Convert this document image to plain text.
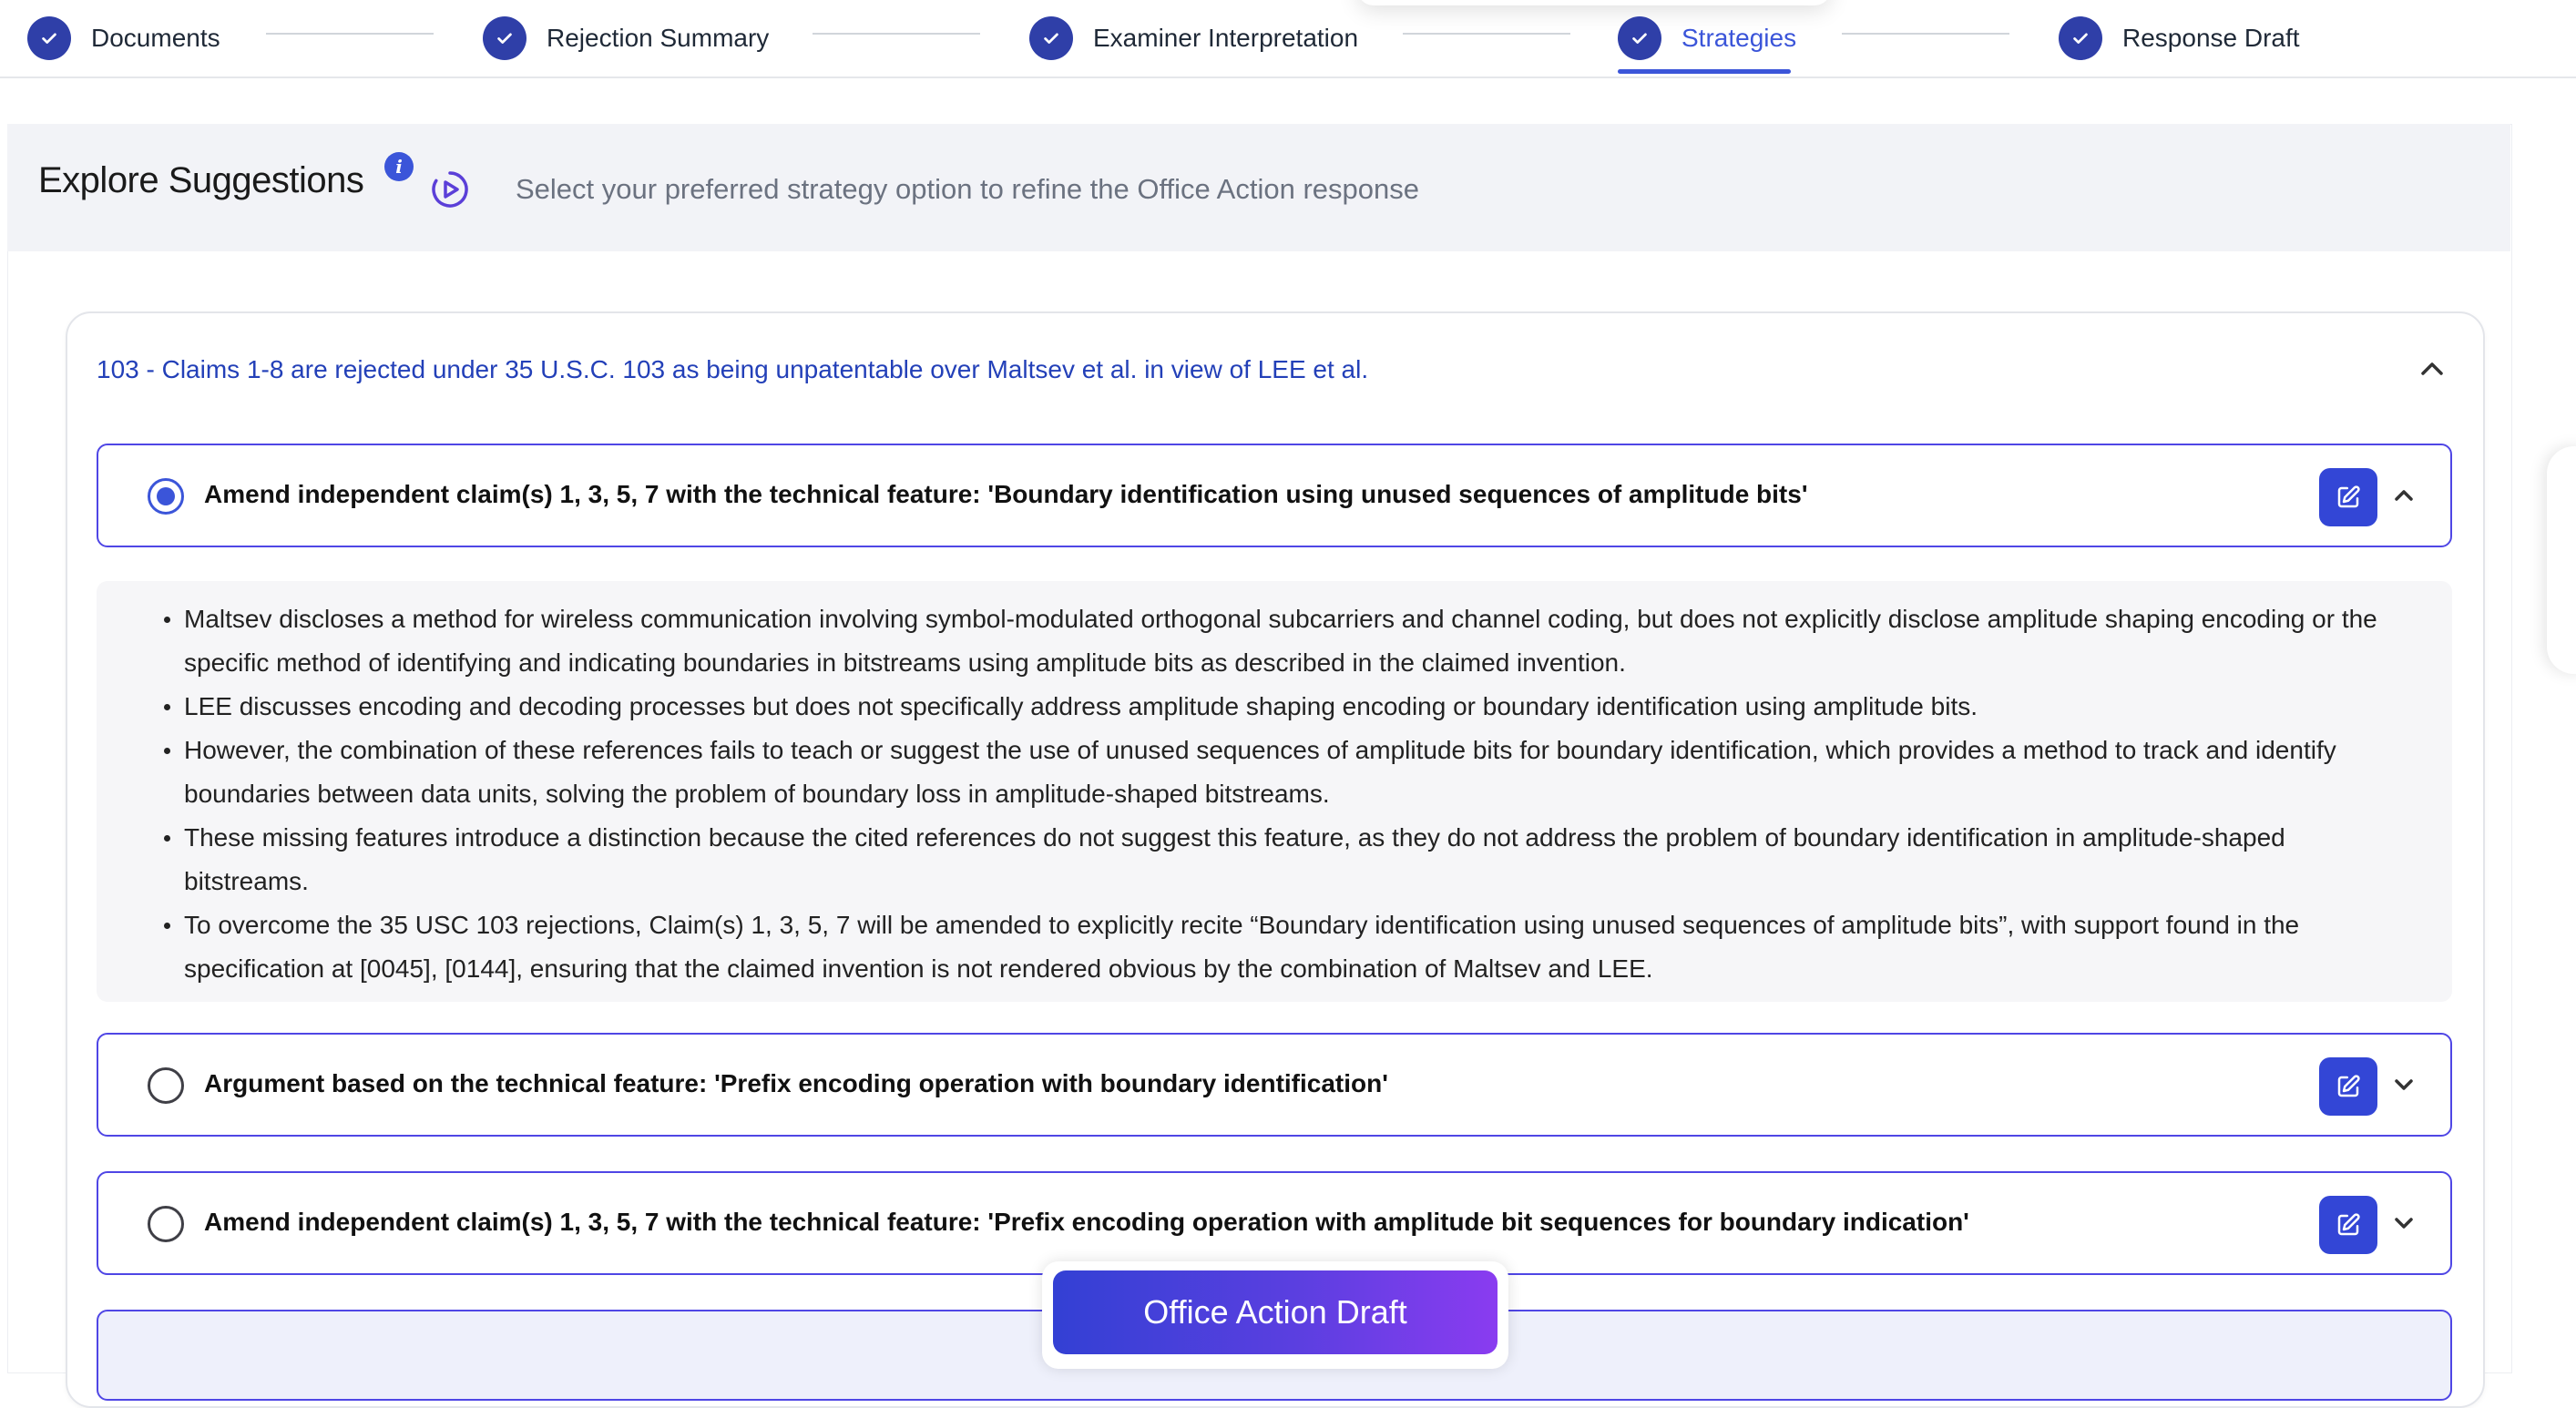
Documents	Rejection Summary	Examiner Interpretation	Strategies	Response Draft
Explore Suggestions	i
Select your preferred strategy option to refine the Office Action response
103 - Claims 1-8 are rejected under 35 U.S.C. 103 as being unpatentable over Maltsev et al. in view of LEE et al.
Amend independent claim(s) 1, 3, 5, 7 with the technical feature: 'Boundary identification using unused sequences of amplitude bits'
Maltsev discloses a method for wireless communication involving symbol-modulated orthogonal subcarriers and channel coding, but does not explicitly disclose amplitude shaping encoding or the specific method of identifying and indicating boundaries in bitstreams using amplitude bits as described in the claimed invention.
LEE discusses encoding and decoding processes but does not specifically address amplitude shaping encoding or boundary identification using amplitude bits.
However, the combination of these references fails to teach or suggest the use of unused sequences of amplitude bits for boundary identification, which provides a method to track and identify boundaries between data units, solving the problem of boundary loss in amplitude-shaped bitstreams.
These missing features introduce a distinction because the cited references do not suggest this feature, as they do not address the problem of boundary identification in amplitude-shaped bitstreams.
To overcome the 35 USC 103 rejections, Claim(s) 1, 3, 5, 7 will be amended to explicitly recite “Boundary identification using unused sequences of amplitude bits”, with support found in the specification at [0045], [0144], ensuring that the claimed invention is not rendered obvious by the combination of Maltsev and LEE.
Argument based on the technical feature: 'Prefix encoding operation with boundary identification'
Amend independent claim(s) 1, 3, 5, 7 with the technical feature: 'Prefix encoding operation with amplitude bit sequences for boundary indication'
Office Action Draft
